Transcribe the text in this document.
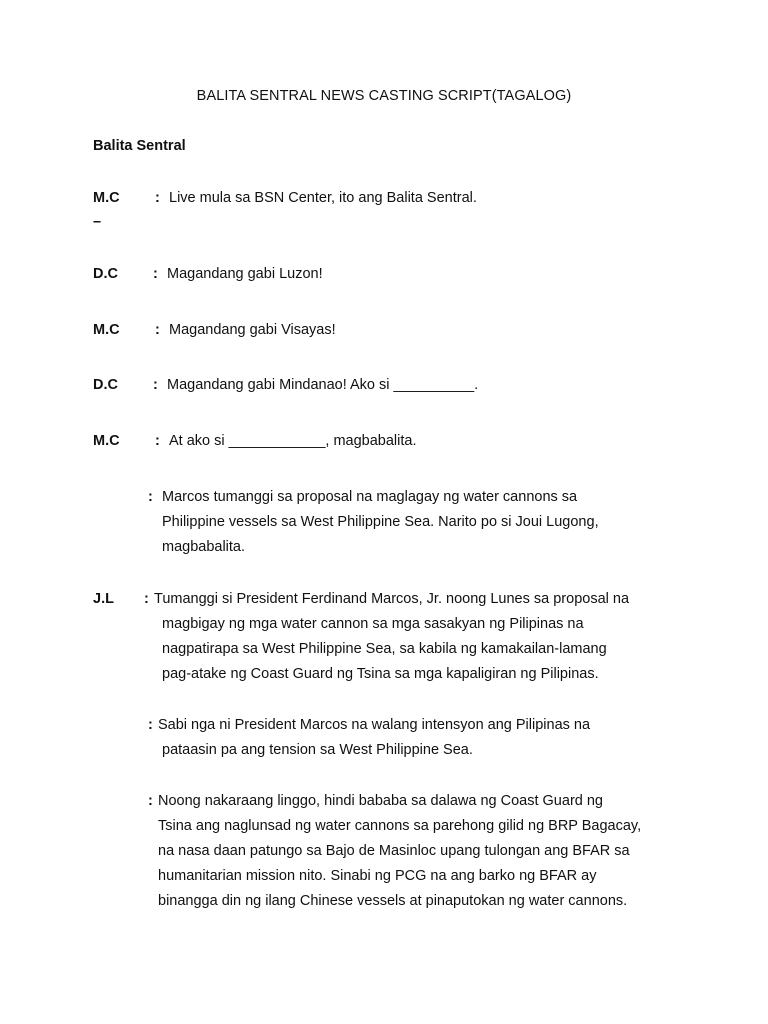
BALITA SENTRAL NEWS CASTING SCRIPT(TAGALOG)
Balita Sentral
M.C : Live mula sa BSN Center, ito ang Balita Sentral.
–
D.C : Magandang gabi Luzon!
M.C : Magandang gabi Visayas!
D.C : Magandang gabi Mindanao! Ako si __________.
M.C : At ako si ____________, magbabalita.
: Marcos tumanggi sa proposal na maglagay ng water cannons sa
Philippine vessels sa West Philippine Sea. Narito po si Joui Lugong,
magbabalita.
J.L : Tumanggi si President Ferdinand Marcos, Jr. noong Lunes sa proposal na
magbigay ng mga water cannon sa mga sasakyan ng Pilipinas na
nagpatirapa sa West Philippine Sea, sa kabila ng kamakailan-lamang
pag-atake ng Coast Guard ng Tsina sa mga kapaligiran ng Pilipinas.
: Sabi nga ni President Marcos na walang intensyon ang Pilipinas na
pataasin pa ang tension sa West Philippine Sea.
: Noong nakaraang linggo, hindi bababa sa dalawa ng Coast Guard ng
Tsina ang naglunsad ng water cannons sa parehong gilid ng BRP Bagacay,
na nasa daan patungo sa Bajo de Masinloc upang tulongan ang BFAR sa
humanitarian mission nito. Sinabi ng PCG na ang barko ng BFAR ay
binangga din ng ilang Chinese vessels at pinaputokan ng water cannons.
